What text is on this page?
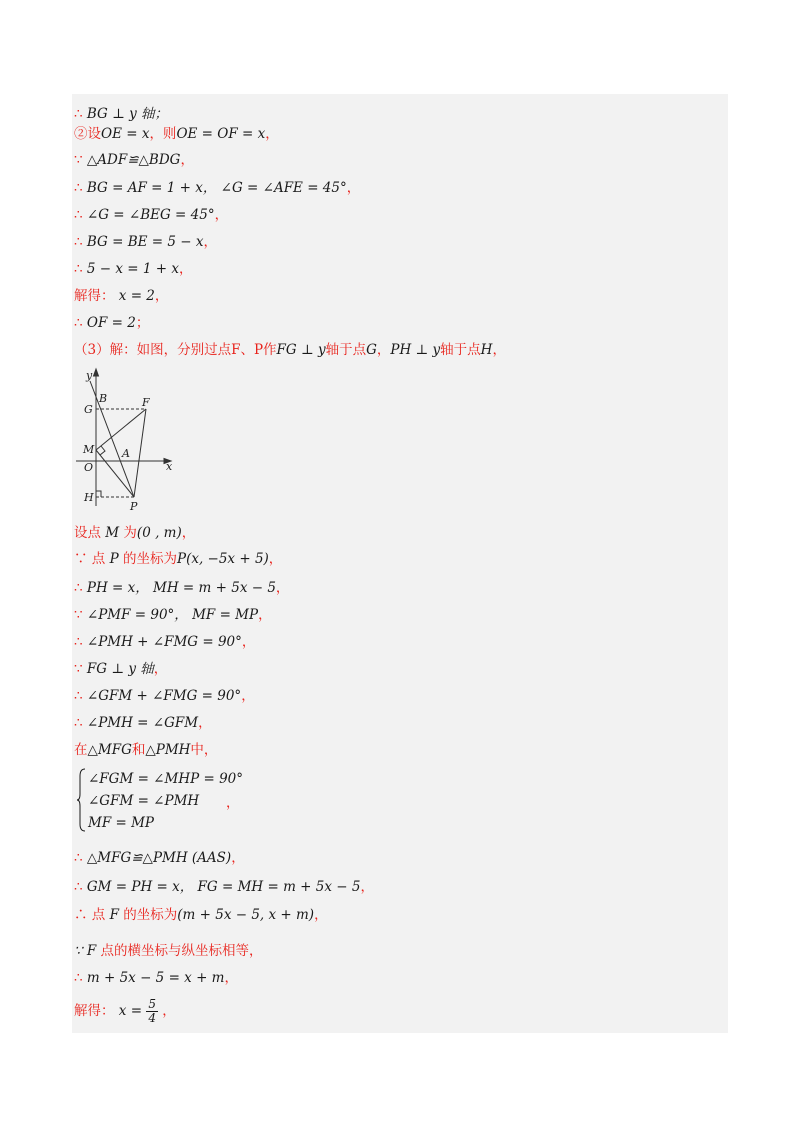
∴ BG ⊥ y 轴；
②设OE = x，则OE = OF = x，
∵ △ADF≌△BDG，
∴ BG = AF = 1 + x， ∠G = ∠AFE = 45°，
∴ ∠G = ∠BEG = 45°，
∴ BG = BE = 5 − x，
∴ 5 − x = 1 + x，
解得： x = 2，
∴ OF = 2；
（3）解：如图，分别过点F、P作FG ⊥ y轴于点G，PH ⊥ y轴于点H，
设点 M 为(0 , m)，
∵ 点 P 的坐标为P(x, −5x + 5)，
∴ PH = x， MH = m + 5x − 5，
∵ ∠PMF = 90°， MF = MP，
∴ ∠PMH + ∠FMG = 90°，
∵ FG ⊥ y 轴，
∴ ∠GFM + ∠FMG = 90°，
∴ ∠PMH = ∠GFM，
在△MFG和△PMH中，
∴ △MFG≌△PMH (AAS)，
∴ GM = PH = x， FG = MH = m + 5x − 5，
∴ 点 F 的坐标为(m + 5x − 5, x + m)，
∵ F 点的横坐标与纵坐标相等，
∴ m + 5x − 5 = x + m，
y
x
G
B	F
M	A
O
H
P
∠FGM = ∠MHP = 90°
∠GFM = ∠PMH
MF = MP
，
解得： $x = \frac{5}{4}$ ，
